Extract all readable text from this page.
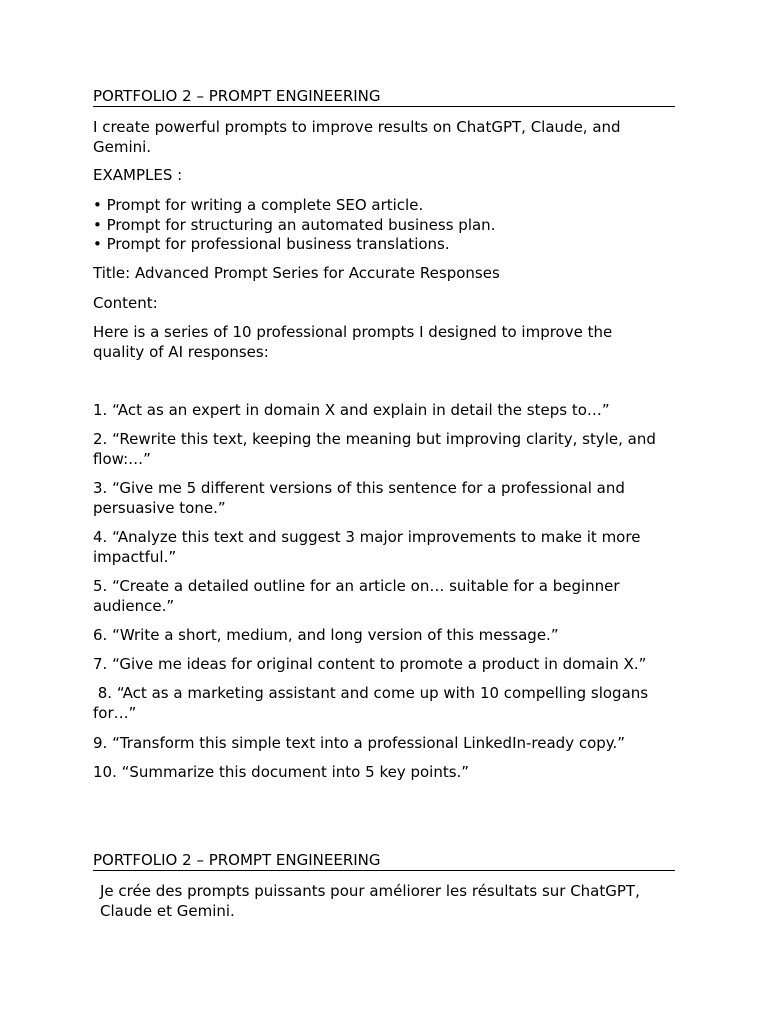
PORTFOLIO 2 – PROMPT ENGINEERING

I create powerful prompts to improve results on ChatGPT, Claude, and
Gemini.

EXAMPLES :

• Prompt for writing a complete SEO article.
• Prompt for structuring an automated business plan.
• Prompt for professional business translations.

Title: Advanced Prompt Series for Accurate Responses

Content:

Here is a series of 10 professional prompts I designed to improve the
quality of AI responses:

1. “Act as an expert in domain X and explain in detail the steps to…”

2. “Rewrite this text, keeping the meaning but improving clarity, style, and
flow:…”

3. “Give me 5 different versions of this sentence for a professional and
persuasive tone.”

4. “Analyze this text and suggest 3 major improvements to make it more
impactful.”

5. “Create a detailed outline for an article on… suitable for a beginner
audience.”

6. “Write a short, medium, and long version of this message.”

7. “Give me ideas for original content to promote a product in domain X.”

8. “Act as a marketing assistant and come up with 10 compelling slogans
for…”

9. “Transform this simple text into a professional LinkedIn-ready copy.”

10. “Summarize this document into 5 key points.”

PORTFOLIO 2 – PROMPT ENGINEERING

Je crée des prompts puissants pour améliorer les résultats sur ChatGPT,
Claude et Gemini.
